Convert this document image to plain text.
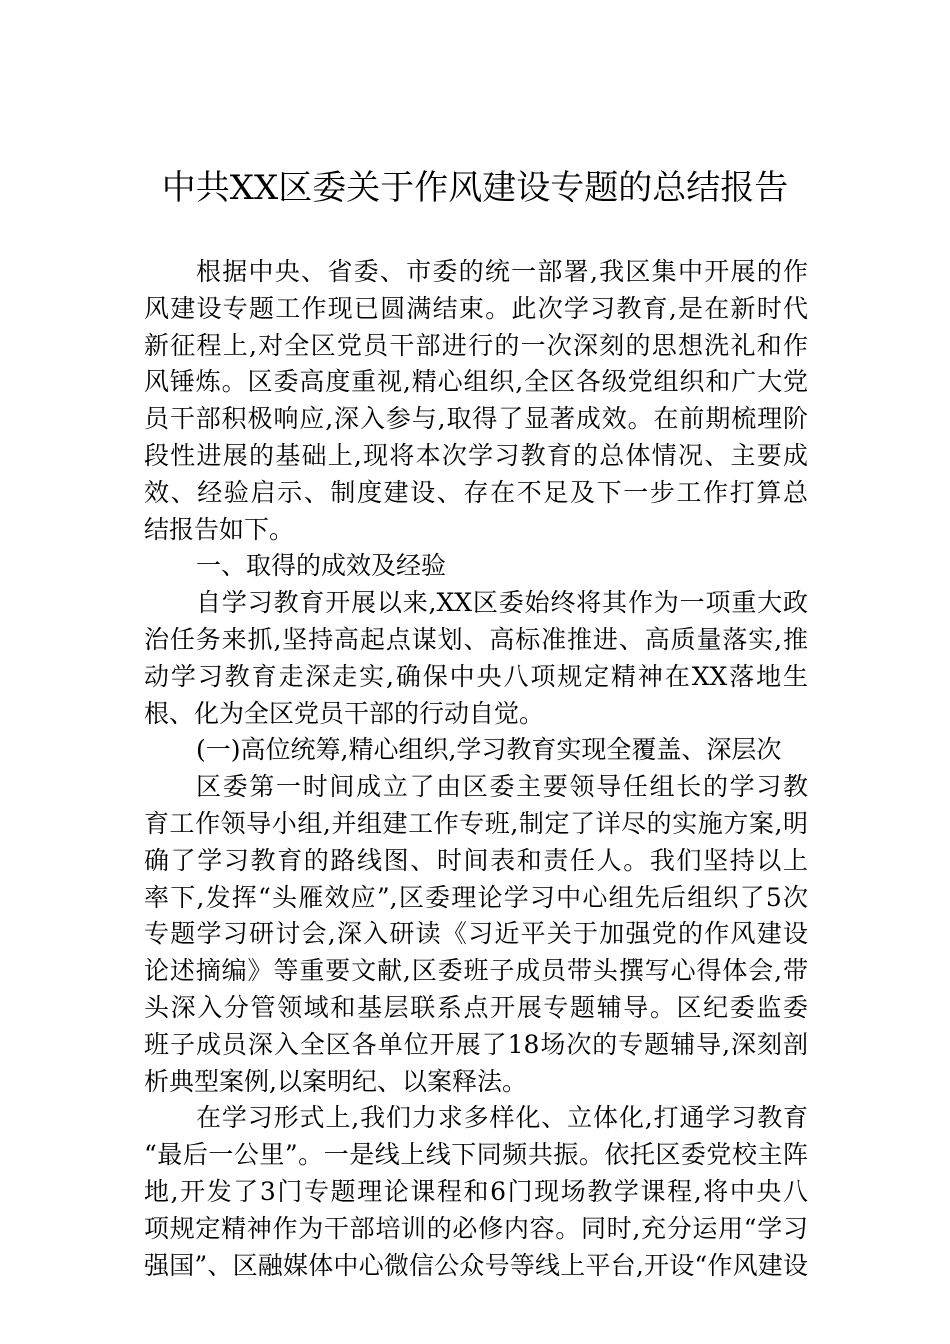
中共XX区委关于作风建设专题的总结报告
根据中央、省委、市委的统一部署,我区集中开展的作
风建设专题工作现已圆满结束。此次学习教育,是在新时代
新征程上,对全区党员干部进行的一次深刻的思想洗礼和作
风锤炼。区委高度重视,精心组织,全区各级党组织和广大党
员干部积极响应,深入参与,取得了显著成效。在前期梳理阶
段性进展的基础上,现将本次学习教育的总体情况、主要成
效、经验启示、制度建设、存在不足及下一步工作打算总
结报告如下。
一、取得的成效及经验
自学习教育开展以来,XX区委始终将其作为一项重大政
治任务来抓,坚持高起点谋划、高标准推进、高质量落实,推
动学习教育走深走实,确保中央八项规定精神在XX落地生
根、化为全区党员干部的行动自觉。
(一)高位统筹,精心组织,学习教育实现全覆盖、深层次
区委第一时间成立了由区委主要领导任组长的学习教
育工作领导小组,并组建工作专班,制定了详尽的实施方案,明
确了学习教育的路线图、时间表和责任人。我们坚持以上
率下,发挥“头雁效应”,区委理论学习中心组先后组织了5次
专题学习研讨会,深入研读《习近平关于加强党的作风建设
论述摘编》等重要文献,区委班子成员带头撰写心得体会,带
头深入分管领域和基层联系点开展专题辅导。区纪委监委
班子成员深入全区各单位开展了18场次的专题辅导,深刻剖
析典型案例,以案明纪、以案释法。
在学习形式上,我们力求多样化、立体化,打通学习教育
“最后一公里”。一是线上线下同频共振。依托区委党校主阵
地,开发了3门专题理论课程和6门现场教学课程,将中央八
项规定精神作为干部培训的必修内容。同时,充分运用“学习
强国”、区融媒体中心微信公众号等线上平台,开设“作风建设
